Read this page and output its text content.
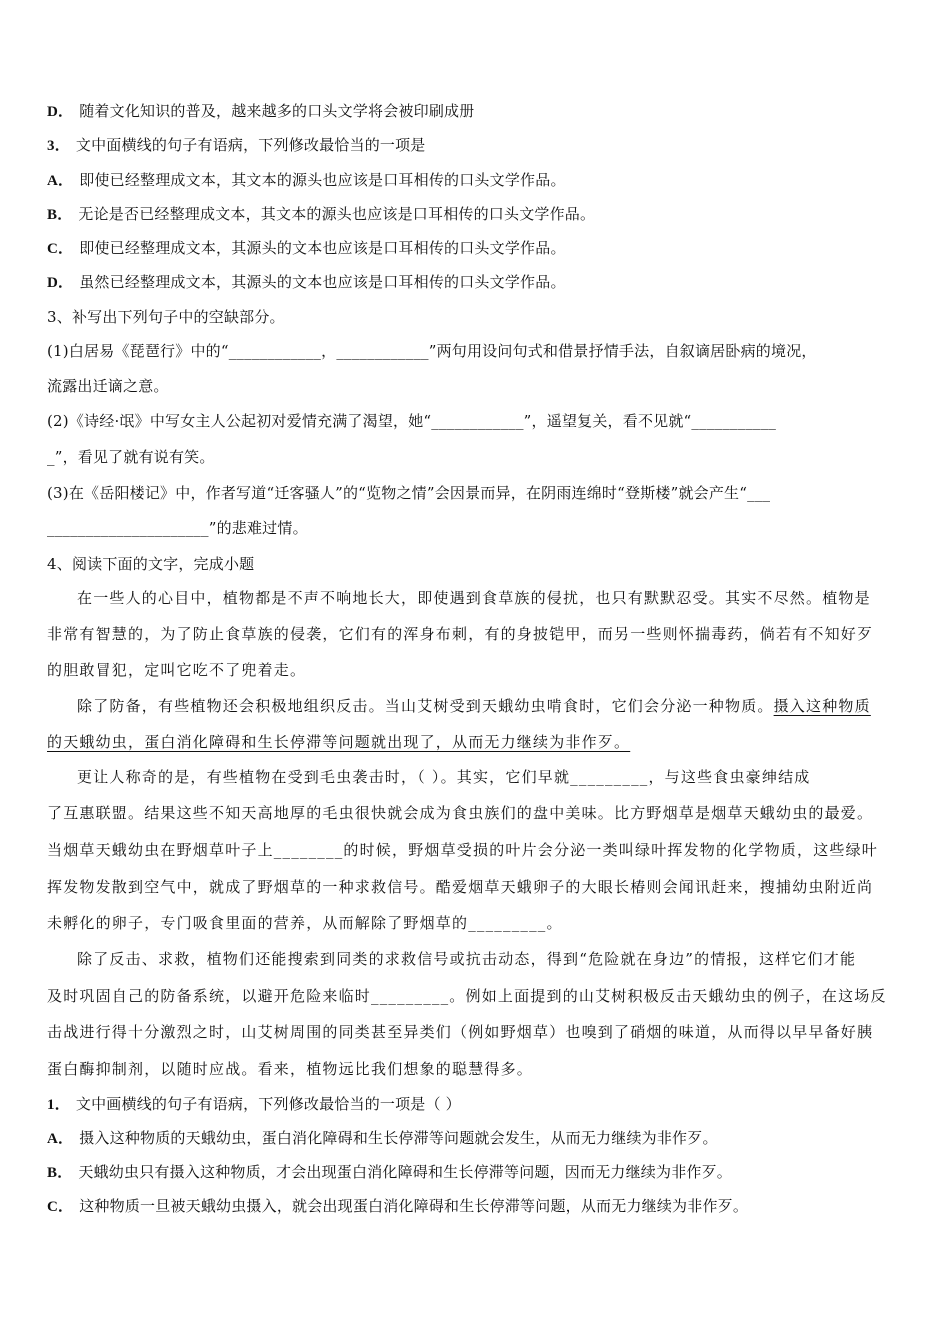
D． 随着文化知识的普及，越来越多的口头文学将会被印刷成册
3． 文中面横线的句子有语病，下列修改最恰当的一项是
A． 即使已经整理成文本，其文本的源头也应该是口耳相传的口头文学作品。
B． 无论是否已经整理成文本，其文本的源头也应该是口耳相传的口头文学作品。
C． 即使已经整理成文本，其源头的文本也应该是口耳相传的口头文学作品。
D． 虽然已经整理成文本，其源头的文本也应该是口耳相传的口头文学作品。
3、补写出下列句子中的空缺部分。
(1)白居易《琵琶行》中的“____________，____________”两句用设问句式和借景抒情手法，自叙谪居卧病的境况，
流露出迁谪之意。
(2)《诗经·氓》中写女主人公起初对爱情充满了渴望，她“____________”，遥望复关，看不见就“___________
_”，看见了就有说有笑。
(3)在《岳阳楼记》中，作者写道“迁客骚人”的“览物之情”会因景而异，在阴雨连绵时“登斯楼”就会产生“___
_____________________”的悲难过情。
4、阅读下面的文字，完成小题
在一些人的心目中，植物都是不声不响地长大，即使遇到食草族的侵扰，也只有默默忍受。其实不尽然。植物是
非常有智慧的，为了防止食草族的侵袭，它们有的浑身布刺，有的身披铠甲，而另一些则怀揣毒药，倘若有不知好歹
的胆敢冒犯，定叫它吃不了兜着走。
除了防备，有些植物还会积极地组织反击。当山艾树受到天蛾幼虫啃食时，它们会分泌一种物质。摄入这种物质
的天蛾幼虫，蛋白消化障碍和生长停滞等问题就出现了，从而无力继续为非作歹。
更让人称奇的是，有些植物在受到毛虫袭击时，（ ）。其实，它们早就_________，与这些食虫豪绅结成
了互惠联盟。结果这些不知天高地厚的毛虫很快就会成为食虫族们的盘中美味。比方野烟草是烟草天蛾幼虫的最爱。
当烟草天蛾幼虫在野烟草叶子上________的时候，野烟草受损的叶片会分泌一类叫绿叶挥发物的化学物质，这些绿叶
挥发物发散到空气中，就成了野烟草的一种求救信号。酷爱烟草天蛾卵子的大眼长椿则会闻讯赶来，搜捕幼虫附近尚
未孵化的卵子，专门吸食里面的营养，从而解除了野烟草的_________。
除了反击、求救，植物们还能搜索到同类的求救信号或抗击动态，得到“危险就在身边”的情报，这样它们才能
及时巩固自己的防备系统，以避开危险来临时_________。例如上面提到的山艾树积极反击天蛾幼虫的例子，在这场反
击战进行得十分激烈之时，山艾树周围的同类甚至异类们（例如野烟草）也嗅到了硝烟的味道，从而得以早早备好胰
蛋白酶抑制剂，以随时应战。看来，植物远比我们想象的聪慧得多。
1． 文中画横线的句子有语病，下列修改最恰当的一项是（ ）
A． 摄入这种物质的天蛾幼虫，蛋白消化障碍和生长停滞等问题就会发生，从而无力继续为非作歹。
B． 天蛾幼虫只有摄入这种物质，才会出现蛋白消化障碍和生长停滞等问题，因而无力继续为非作歹。
C． 这种物质一旦被天蛾幼虫摄入，就会出现蛋白消化障碍和生长停滞等问题，从而无力继续为非作歹。
